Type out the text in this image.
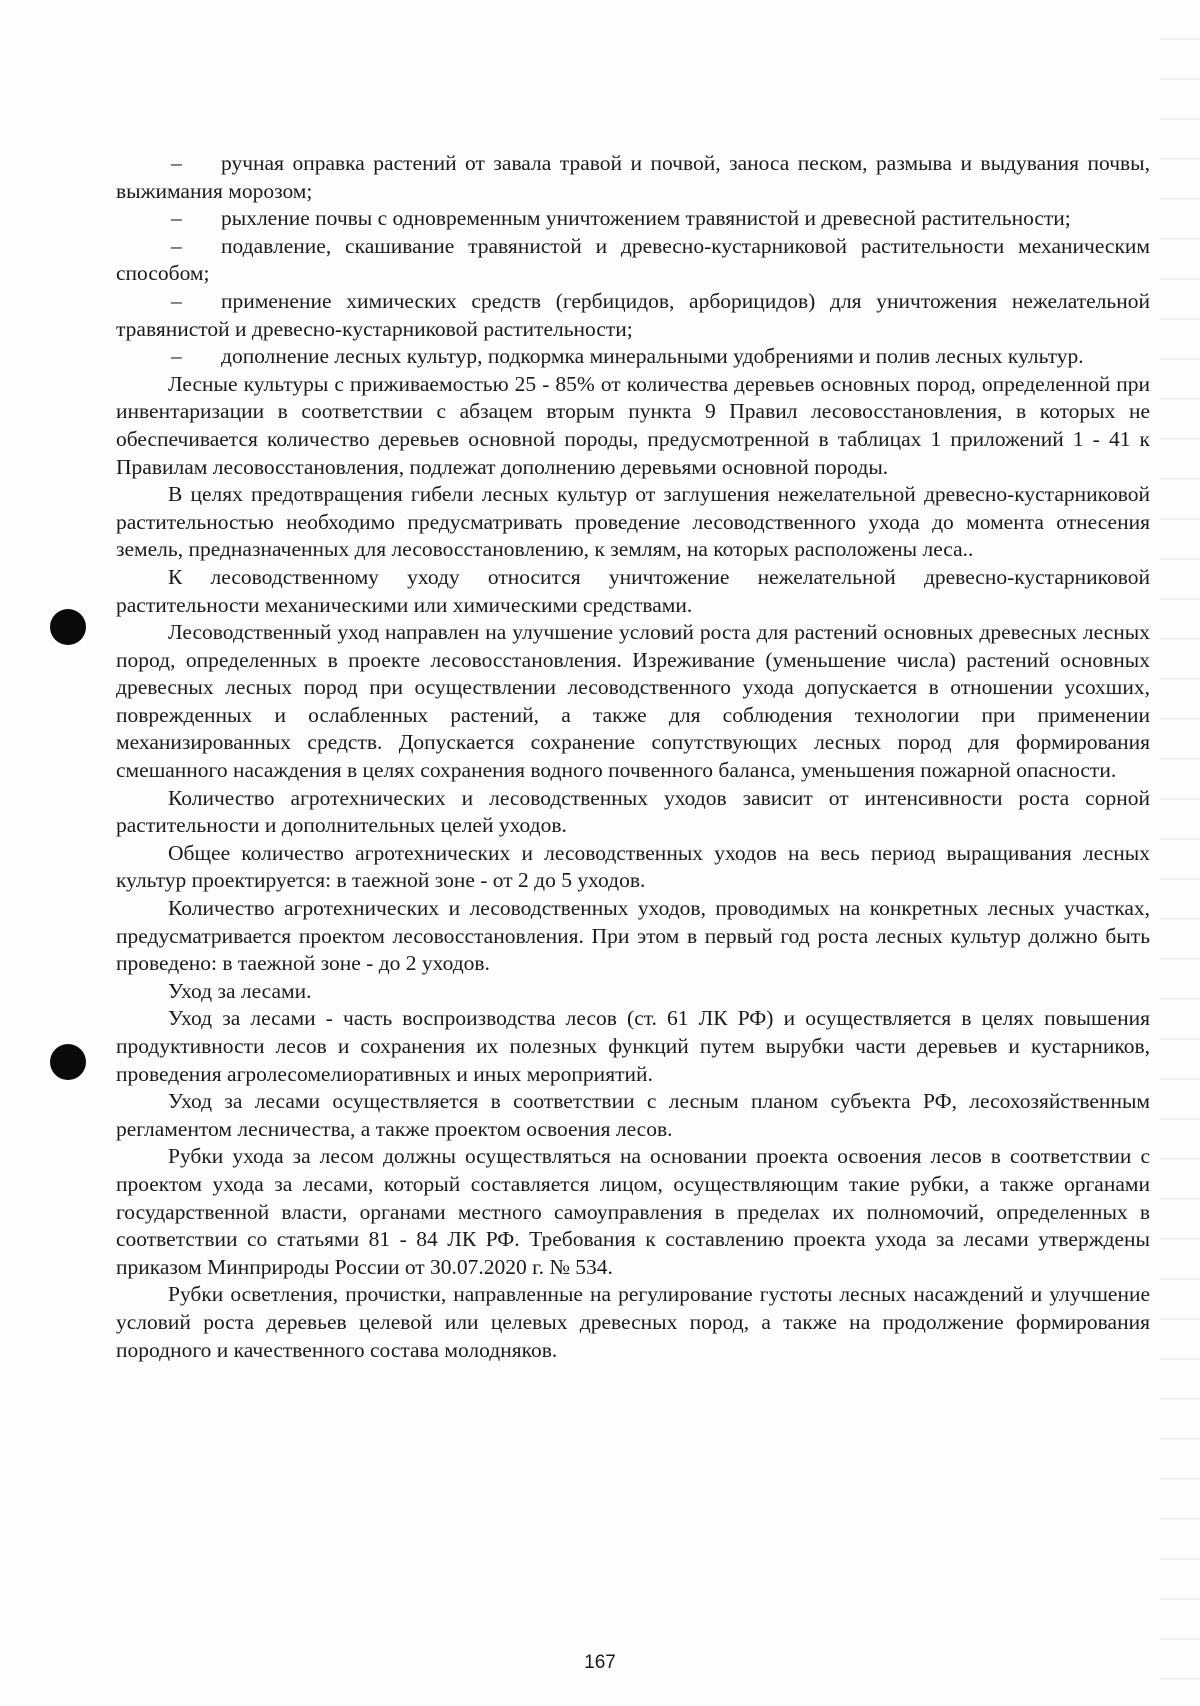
– ручная оправка растений от завала травой и почвой, заноса песком, размыва и выдувания почвы, выжимания морозом;

– рыхление почвы с одновременным уничтожением травянистой и древесной растительности;

– подавление, скашивание травянистой и древесно-кустарниковой растительности механическим способом;

– применение химических средств (гербицидов, арборицидов) для уничтожения нежелательной травянистой и древесно-кустарниковой растительности;

– дополнение лесных культур, подкормка минеральными удобрениями и полив лесных культур.

Лесные культуры с приживаемостью 25 - 85% от количества деревьев основных пород, определенной при инвентаризации в соответствии с абзацем вторым пункта 9 Правил лесовосстановления, в которых не обеспечивается количество деревьев основной породы, предусмотренной в таблицах 1 приложений 1 - 41 к Правилам лесовосстановления, подлежат дополнению деревьями основной породы.

В целях предотвращения гибели лесных культур от заглушения нежелательной древесно-кустарниковой растительностью необходимо предусматривать проведение лесоводственного ухода до момента отнесения земель, предназначенных для лесовосстановлению, к землям, на которых расположены леса..

К лесоводственному уходу относится уничтожение нежелательной древесно-кустарниковой растительности механическими или химическими средствами.

Лесоводственный уход направлен на улучшение условий роста для растений основных древесных лесных пород, определенных в проекте лесовосстановления. Изреживание (уменьшение числа) растений основных древесных лесных пород при осуществлении лесоводственного ухода допускается в отношении усохших, поврежденных и ослабленных растений, а также для соблюдения технологии при применении механизированных средств. Допускается сохранение сопутствующих лесных пород для формирования смешанного насаждения в целях сохранения водного почвенного баланса, уменьшения пожарной опасности.

Количество агротехнических и лесоводственных уходов зависит от интенсивности роста сорной растительности и дополнительных целей уходов.

Общее количество агротехнических и лесоводственных уходов на весь период выращивания лесных культур проектируется: в таежной зоне - от 2 до 5 уходов.

Количество агротехнических и лесоводственных уходов, проводимых на конкретных лесных участках, предусматривается проектом лесовосстановления. При этом в первый год роста лесных культур должно быть проведено: в таежной зоне - до 2 уходов.

Уход за лесами.

Уход за лесами - часть воспроизводства лесов (ст. 61 ЛК РФ) и осуществляется в целях повышения продуктивности лесов и сохранения их полезных функций путем вырубки части деревьев и кустарников, проведения агролесомелиоративных и иных мероприятий.

Уход за лесами осуществляется в соответствии с лесным планом субъекта РФ, лесохозяйственным регламентом лесничества, а также проектом освоения лесов.

Рубки ухода за лесом должны осуществляться на основании проекта освоения лесов в соответствии с проектом ухода за лесами, который составляется лицом, осуществляющим такие рубки, а также органами государственной власти, органами местного самоуправления в пределах их полномочий, определенных в соответствии со статьями 81 - 84 ЛК РФ. Требования к составлению проекта ухода за лесами утверждены приказом Минприроды России от 30.07.2020 г. № 534.

Рубки осветления, прочистки, направленные на регулирование густоты лесных насаждений и улучшение условий роста деревьев целевой или целевых древесных пород, а также на продолжение формирования породного и качественного состава молодняков.

167
